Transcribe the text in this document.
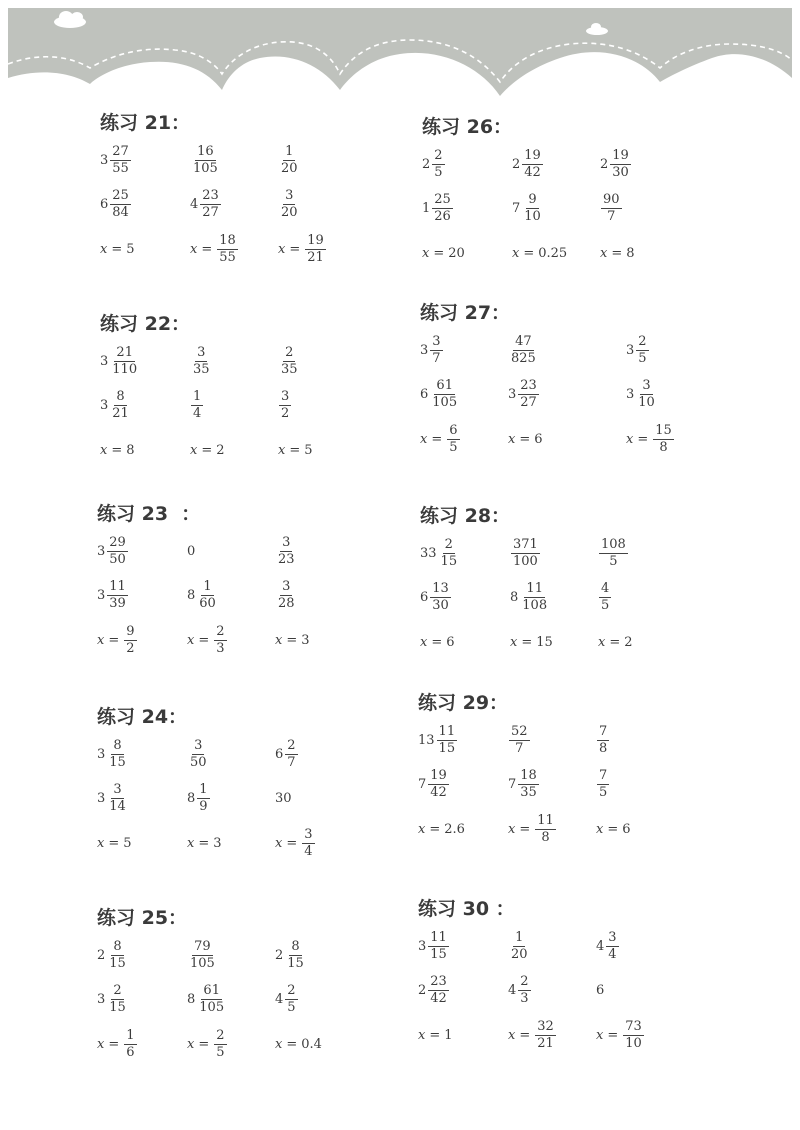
练习 21：
$3 \frac{27}{55}$	$\frac{16}{105}$	$\frac{1}{20}$
$6 \frac{25}{84}$	$4 \frac{23}{27}$	$\frac{3}{20}$
x = 5	$x = \frac{18}{55}$	$x = \frac{19}{21}$
练习 22：
$3 \frac{21}{110}$	$\frac{3}{35}$	$\frac{2}{35}$
$3 \frac{8}{21}$	$\frac{1}{4}$	$\frac{3}{2}$
x = 8	x = 2	x = 5
练习 23  ：
$3 \frac{29}{50}$	0	$\frac{3}{23}$
$3 \frac{11}{39}$	$8 \frac{1}{60}$	$\frac{3}{28}$
$x = \frac{9}{2}$	$x = \frac{2}{3}$	x = 3
练习 24：
$3 \frac{8}{15}$	$\frac{3}{50}$	$6 \frac{2}{7}$
$3 \frac{3}{14}$	$8 \frac{1}{9}$	30
x = 5	x = 3	$x = \frac{3}{4}$
练习 25：
$2 \frac{8}{15}$	$\frac{79}{105}$	$2 \frac{8}{15}$
$3 \frac{2}{15}$	$8 \frac{61}{105}$	$4 \frac{2}{5}$
$x = \frac{1}{6}$	$x = \frac{2}{5}$	x = 0.4
练习 26：
$2 \frac{2}{5}$	$2 \frac{19}{42}$	$2 \frac{19}{30}$
$1 \frac{25}{26}$	$7 \frac{9}{10}$	$\frac{90}{7}$
x = 20	x = 0.25	x = 8
练习 27：
$3 \frac{3}{7}$	$\frac{47}{825}$	$3 \frac{2}{5}$
$6 \frac{61}{105}$	$3 \frac{23}{27}$	$3 \frac{3}{10}$
$x = \frac{6}{5}$	x = 6	$x = \frac{15}{8}$
练习 28：
$33 \frac{2}{15}$	$\frac{371}{100}$	$\frac{108}{5}$
$6 \frac{13}{30}$	$8 \frac{11}{108}$	$\frac{4}{5}$
x = 6	x = 15	x = 2
练习 29：
$13 \frac{11}{15}$	$\frac{52}{7}$	$\frac{7}{8}$
$7 \frac{19}{42}$	$7 \frac{18}{35}$	$\frac{7}{5}$
x = 2.6	$x = \frac{11}{8}$	x = 6
练习 30 ：
$3 \frac{11}{15}$	$\frac{1}{20}$	$4 \frac{3}{4}$
$2 \frac{23}{42}$	$4 \frac{2}{3}$	6
x = 1	$x = \frac{32}{21}$	$x = \frac{73}{10}$
